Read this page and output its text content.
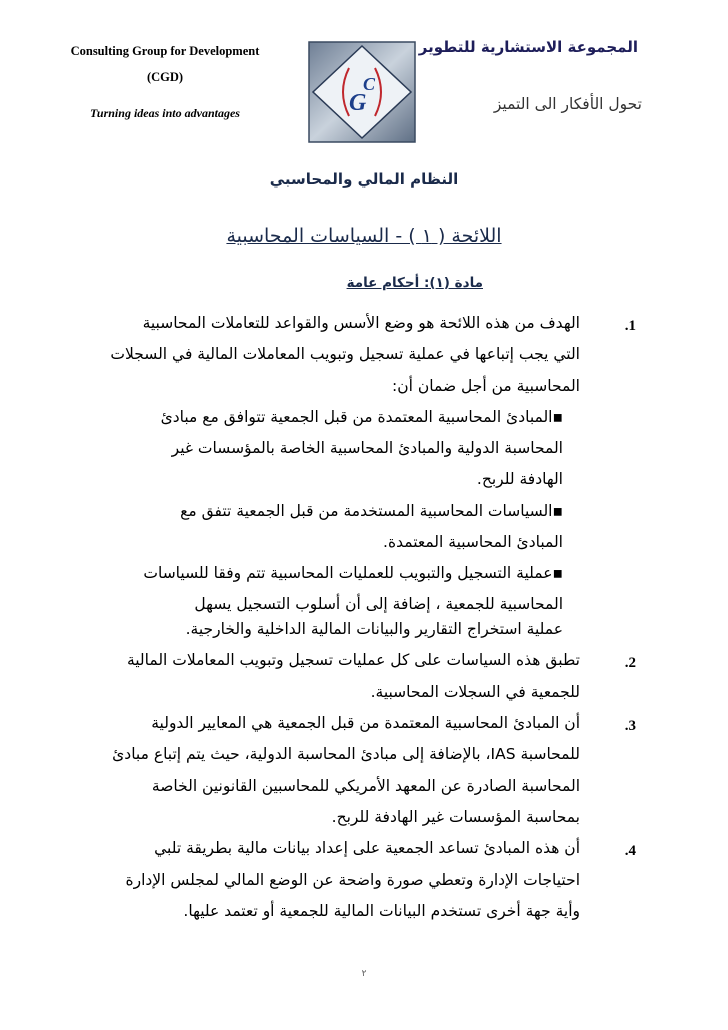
Consulting Group for Development
(CGD)
Turning ideas into advantages
المجموعة الاستشارية للتطوير
تحول الأفكار الى التميز
C
G
النظام المالي والمحاسبي
اللائحة ( ١ ) - السياسات المحاسبية
مادة (١): أحكام عامة
الهدف من هذه اللائحة هو وضع الأسس والقواعد للتعاملات المحاسبية
التي يجب إتباعها في عملية تسجيل وتبويب المعاملات المالية في السجلات
المحاسبية من أجل ضمان أن:
▪المبادئ المحاسبية المعتمدة من قبل الجمعية تتوافق مع مبادئ
المحاسبة الدولية والمبادئ المحاسبية الخاصة بالمؤسسات غير
الهادفة للربح.
▪السياسات المحاسبية المستخدمة من قبل الجمعية تتفق مع
المبادئ المحاسبية المعتمدة.
▪عملية التسجيل والتبويب للعمليات المحاسبية تتم وفقا للسياسات
المحاسبية للجمعية ، إضافة إلى أن أسلوب التسجيل يسهل
عملية استخراج التقارير والبيانات المالية الداخلية والخارجية.
تطبق هذه السياسات على كل عمليات تسجيل وتبويب المعاملات المالية
للجمعية في السجلات المحاسبية.
أن المبادئ المحاسبية المعتمدة من قبل الجمعية هي المعايير الدولية
للمحاسبة IAS، بالإضافة إلى مبادئ المحاسبة الدولية، حيث يتم إتباع مبادئ
المحاسبة الصادرة عن المعهد الأمريكي للمحاسبين القانونين الخاصة
بمحاسبة المؤسسات غير الهادفة للربح.
أن هذه المبادئ تساعد الجمعية على إعداد بيانات مالية بطريقة تلبي
احتياجات الإدارة وتعطي صورة واضحة عن الوضع المالي لمجلس الإدارة
وأية جهة أخرى تستخدم البيانات المالية للجمعية أو تعتمد عليها.
.1
.2
.3
.4
٢
